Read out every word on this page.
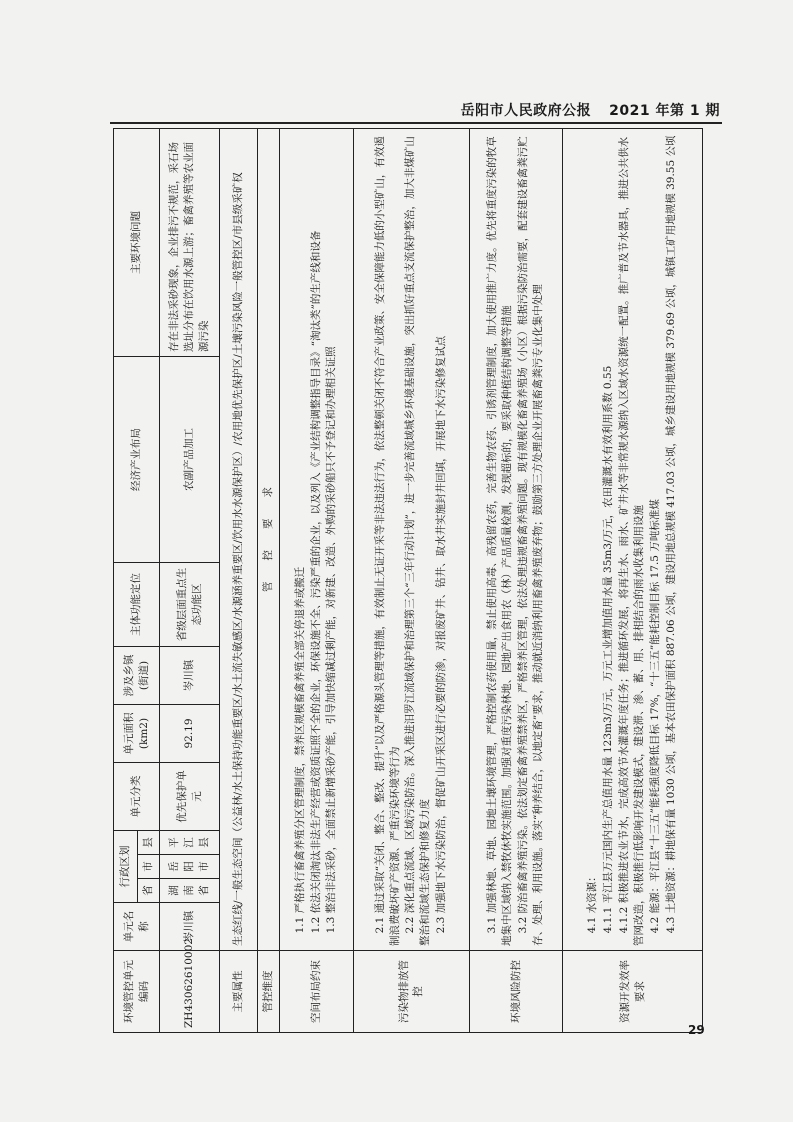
岳阳市人民政府公报 2021 年第 1 期
环境管控单元编码	单元名称	行政区划			单元分类	单元面积(km2)	涉及乡镇(街道)	主体功能定位	经济产业布局	主要环境问题
		省	市	县						
ZH43062610002	岑川镇	湖南省	岳阳市	平江县	优先保护单元	92.19	岑川镇	省级层面重点生态功能区	农副产品加工	存在非法采砂现象，企业排污不规范，采石场选址分布在饮用水源上游；畜禽养殖等农业面源污染
主要属性	生态红线/一般生态空间（公益林/水土保持功能重要区/水土流失敏感区/水源涵养重要区/饮用水水源保护区）/农用地优先保护区/土壤污染风险一般管控区/市县级采矿权									
管控维度	管　　控　　要　　求									
空间布局约束	1.1 严格执行畜禽养殖分区管理制度，禁养区规模畜禽养殖全部关停退养或搬迁 1.2 依法关闭淘汰非法生产经营或资质证照不全的企业，环保设施不全、污染严重的企业，以及列入《产业结构调整指导目录》“淘汰类”的生产线和设备 1.3 整治非法采砂，全面禁止新增采砂产能，引导加快缩减过剩产能，对新建、改造、外购的采砂船只不予登记和办理相关证照									

污染物排放管控	2.1 通过采取“关闭、整合、整改、提升”以及严格源头管理等措施，有效制止无证开采等非法违法行为，依法整顿关闭不符合产业政策、安全保障能力低的小型矿山，有效遏制浪费破坏矿产资源、严重污染环境等行为 2.2 深化重点流域、区域污染防治。深入推进汨罗江流域保护和治理第三个“三年行动计划”，进一步完善流域城乡环境基础设施，突出抓好重点支流保护整治，加大非煤矿山整治和流域生态保护和修复力度 2.3 加强地下水污染防治，督促矿山开采区进行必要的防渗，对报废矿井、钻井、取水井实施封井回填，开展地下水污染修复试点									

环境风险防控	3.1 加强林地、草地、园地土壤环境管理，严格控制农药使用量，禁止使用高毒、高残留农药，完善生物农药、引诱剂管理制度，加大使用推广力度。优先将重度污染的牧草地集中区域纳入禁牧休牧实施范围。加强对重度污染林地、园地产出食用农（林）产品质量检测，发现超标的，要采取种植结构调整等措施 3.2 防治畜禽养殖污染。依法划定畜禽养殖禁养区，严格禁养区管理，依法处理违规畜禽养殖问题。现有规模化畜禽养殖场（小区）根据污染防治需要，配套建设畜禽粪污贮存、处理、利用设施。落实“种养结合，以地定畜”要求，推动就近消纳利用畜禽养殖废弃物；鼓励第三方处理企业开展畜禽粪污专业化集中处理									

资源开发效率要求	4.1 水资源： 4.1.1 平江县万元国内生产总值用水量 123m3/万元，万元工业增加值用水量 35m3/万元，农田灌溉水有效利用系数 0.55 4.1.2 积极推进农业节水，完成高效节水灌溉年度任务；推进循环发展，将再生水、雨水、矿井水等非常规水源纳入区域水资源统一配置。推广普及节水器具，推进公共供水管网改造，积极推行低影响开发建设模式，建设滞、渗、蓄、用、排相结合的雨水收集利用设施 4.2 能源：平江县“十三五”能耗强度降低目标 17%，“十三五”能耗控制目标 17.5 万吨标准煤 4.3 土地资源：耕地保有量 1030 公顷，基本农田保护面积 887.06 公顷，建设用地总规模 417.03 公顷，城乡建设用地规模 379.69 公顷，城镇工矿用地规模 39.55 公顷									

29
